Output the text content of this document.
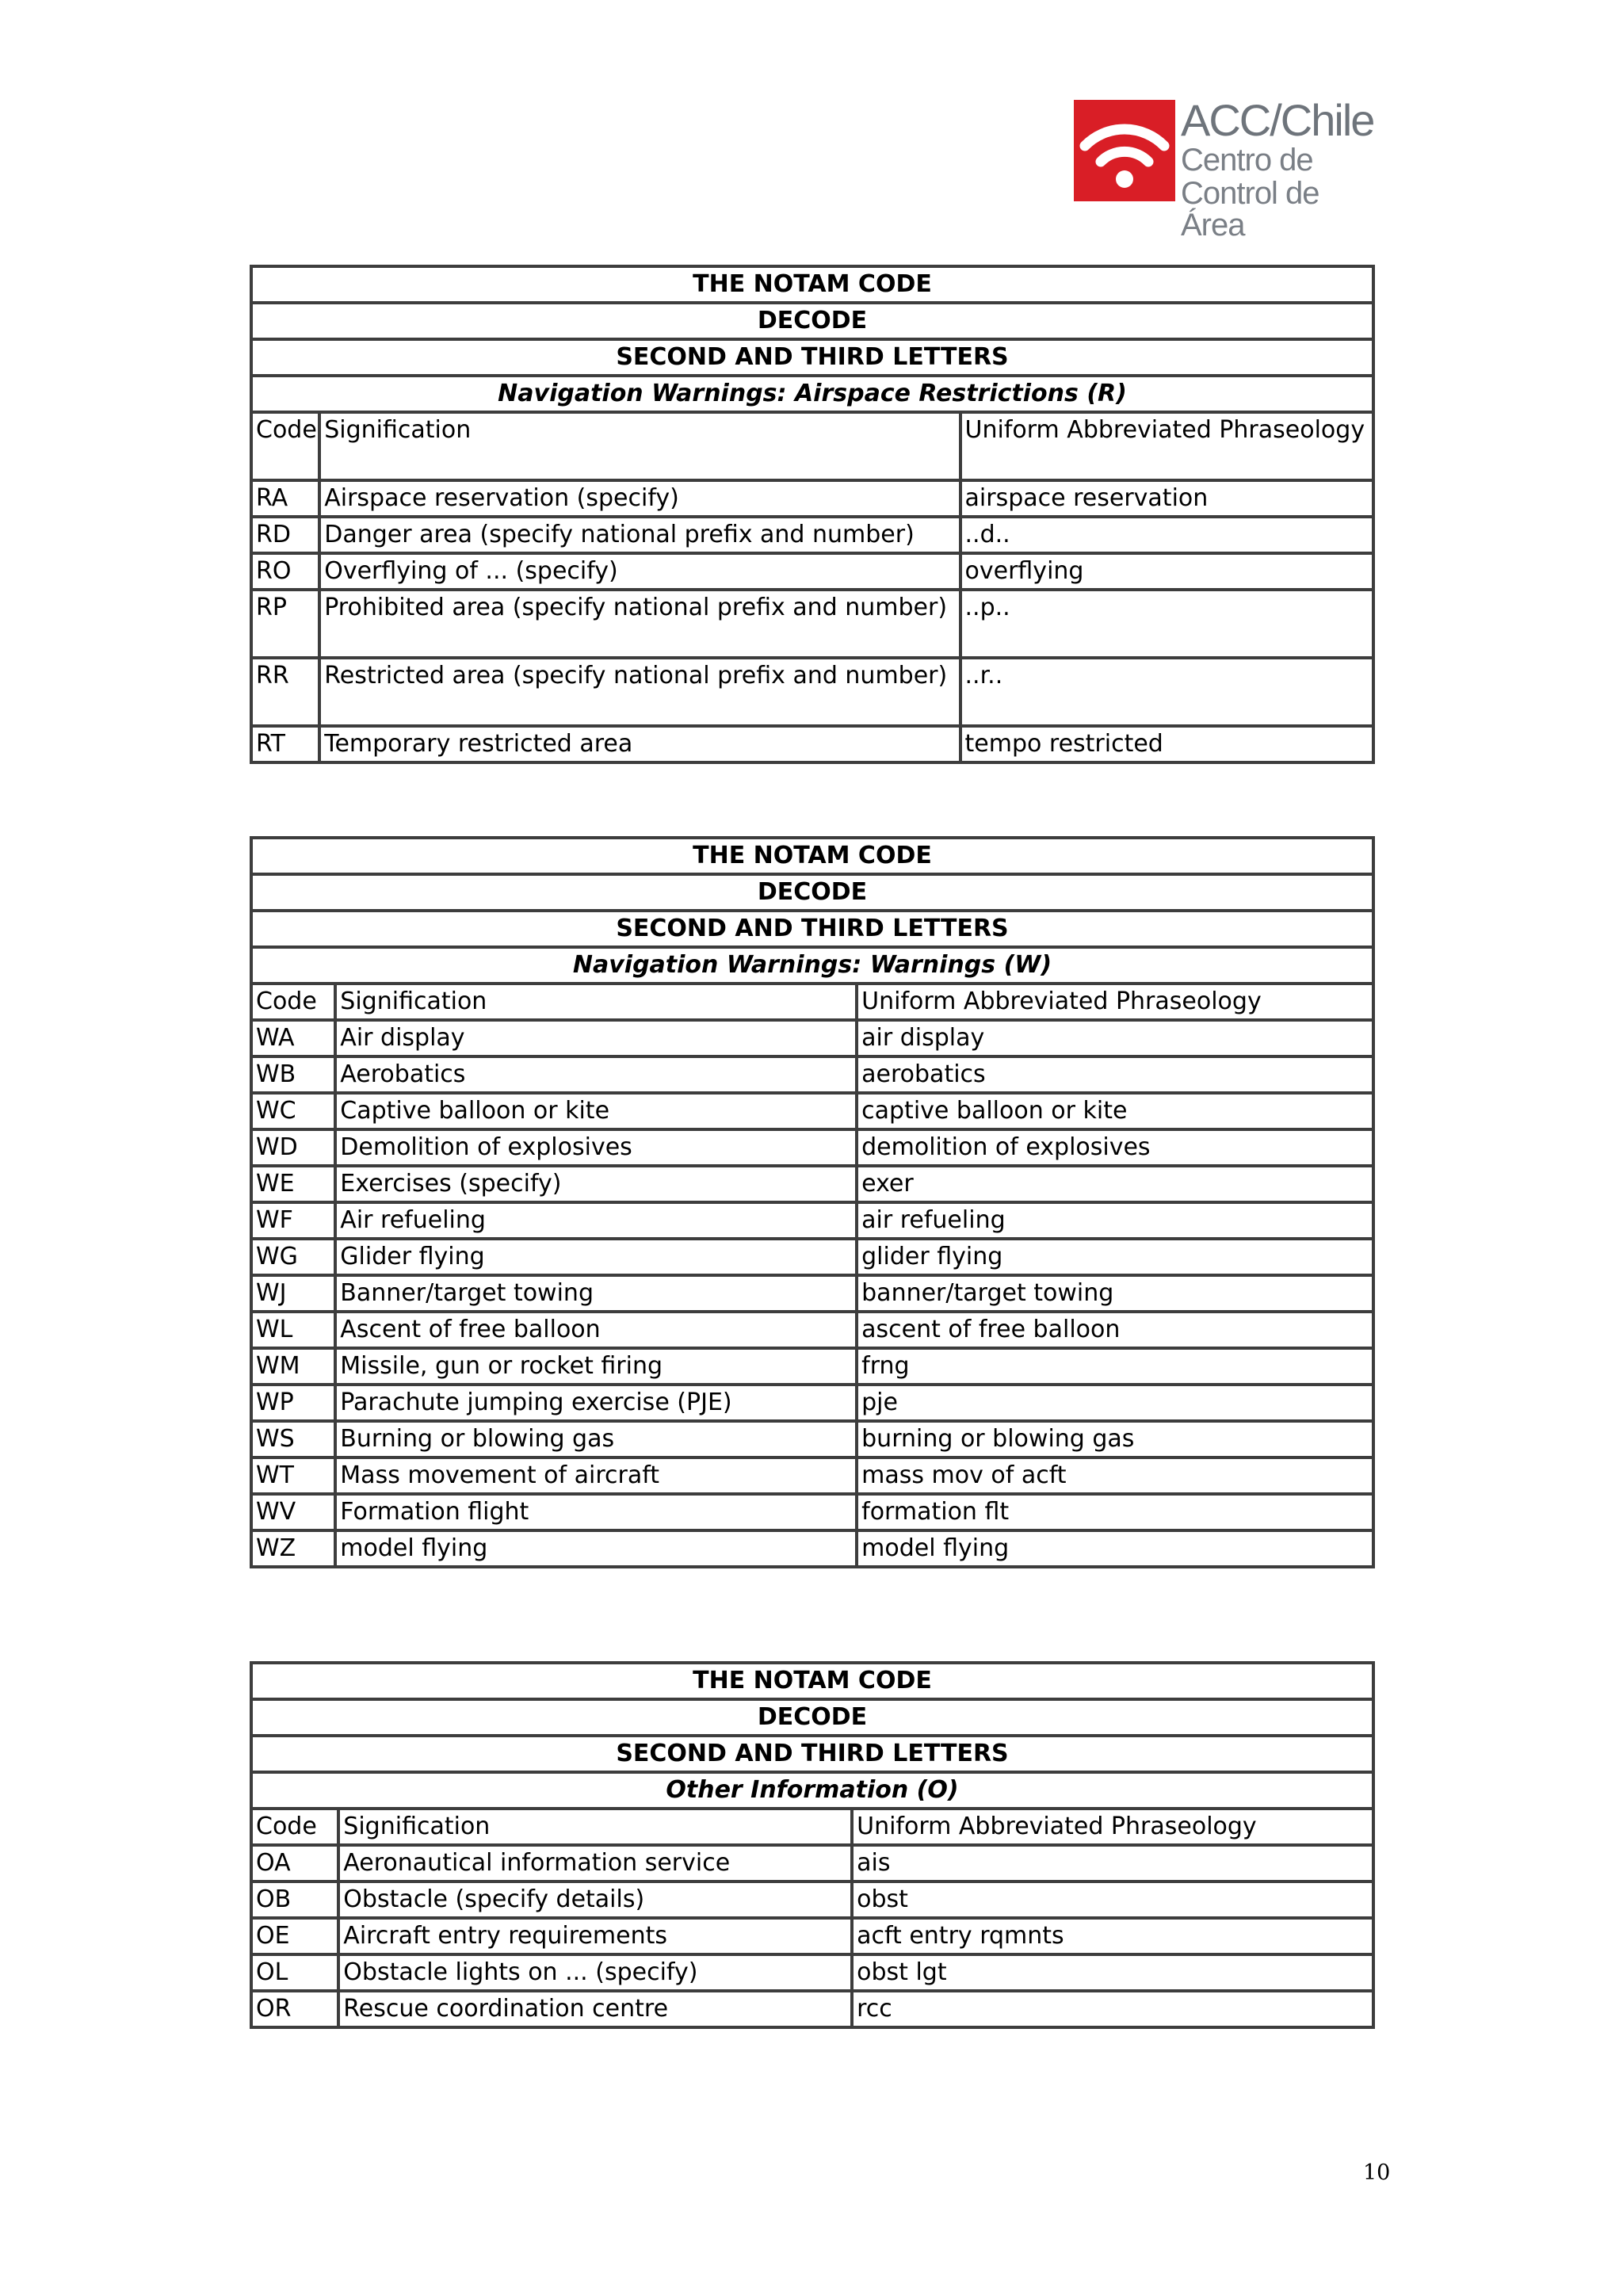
ACC/Chile
Centro de
Control de Área
THE NOTAM CODE		
DECODE		
SECOND AND THIRD LETTERS		
Navigation Warnings: Airspace Restrictions (R)		
Code	Signification	Uniform Abbreviated Phraseology
RA	Airspace reservation (specify)	airspace reservation
RD	Danger area (specify national prefix and number)	..d..
RO	Overflying of ... (specify)	overflying
RP	Prohibited area (specify national prefix and number)	..p..
RR	Restricted area (specify national prefix and number)	..r..
RT	Temporary restricted area	tempo restricted
THE NOTAM CODE		
DECODE		
SECOND AND THIRD LETTERS		
Navigation Warnings: Warnings (W)		
Code	Signification	Uniform Abbreviated Phraseology
WA	Air display	air display
WB	Aerobatics	aerobatics
WC	Captive balloon or kite	captive balloon or kite
WD	Demolition of explosives	demolition of explosives
WE	Exercises (specify)	exer
WF	Air refueling	air refueling
WG	Glider flying	glider flying
WJ	Banner/target towing	banner/target towing
WL	Ascent of free balloon	ascent of free balloon
WM	Missile, gun or rocket firing	frng
WP	Parachute jumping exercise (PJE)	pje
WS	Burning or blowing gas	burning or blowing gas
WT	Mass movement of aircraft	mass mov of acft
WV	Formation flight	formation flt
WZ	model flying	model flying
THE NOTAM CODE		
DECODE		
SECOND AND THIRD LETTERS		
Other Information (O)		
Code	Signification	Uniform Abbreviated Phraseology
OA	Aeronautical information service	ais
OB	Obstacle (specify details)	obst
OE	Aircraft entry requirements	acft entry rqmnts
OL	Obstacle lights on ... (specify)	obst lgt
OR	Rescue coordination centre	rcc
10
